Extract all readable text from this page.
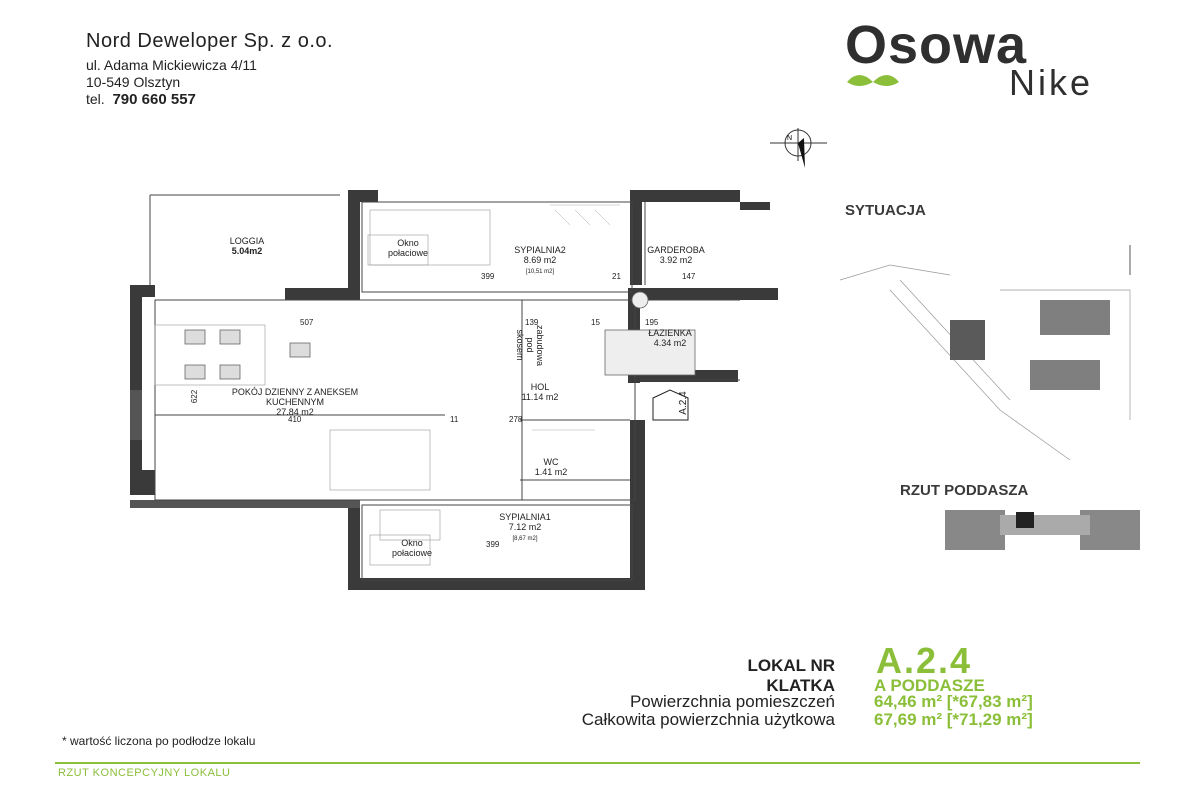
Nord Deweloper Sp. z o.o.
ul. Adama Mickiewicza 4/11
10-549 Olsztyn
tel. 790 660 557
Osowa
Nike
N
LOGGIA
5.04m2
Okno połaciowe	SYPIALNIA2
8.69 m2
[10,51 m2]
GARDEROBA
3.92 m2
ŁAZIENKA
4.34 m2
POKÓJ DZIENNY Z ANEKSEM KUCHENNYM
27.84 m2
HOL
11.14 m2
WC
1.41 m2
SYPIALNIA1
7.12 m2
[8,67 m2]
Okno połaciowe
zabudowa pod skosem
A.2.4
399	147
21
507	139	15	195
410	11	278
399
622
SYTUACJA
RZUT PODDASZA
LOKAL NR A.2.4
KLATKA A PODDASZE
Powierzchnia pomieszczeń 64,46 m² [*67,83 m²]
Całkowita powierzchnia użytkowa 67,69 m² [*71,29 m²]
* wartość liczona po podłodze lokalu
RZUT KONCEPCYJNY LOKALU
